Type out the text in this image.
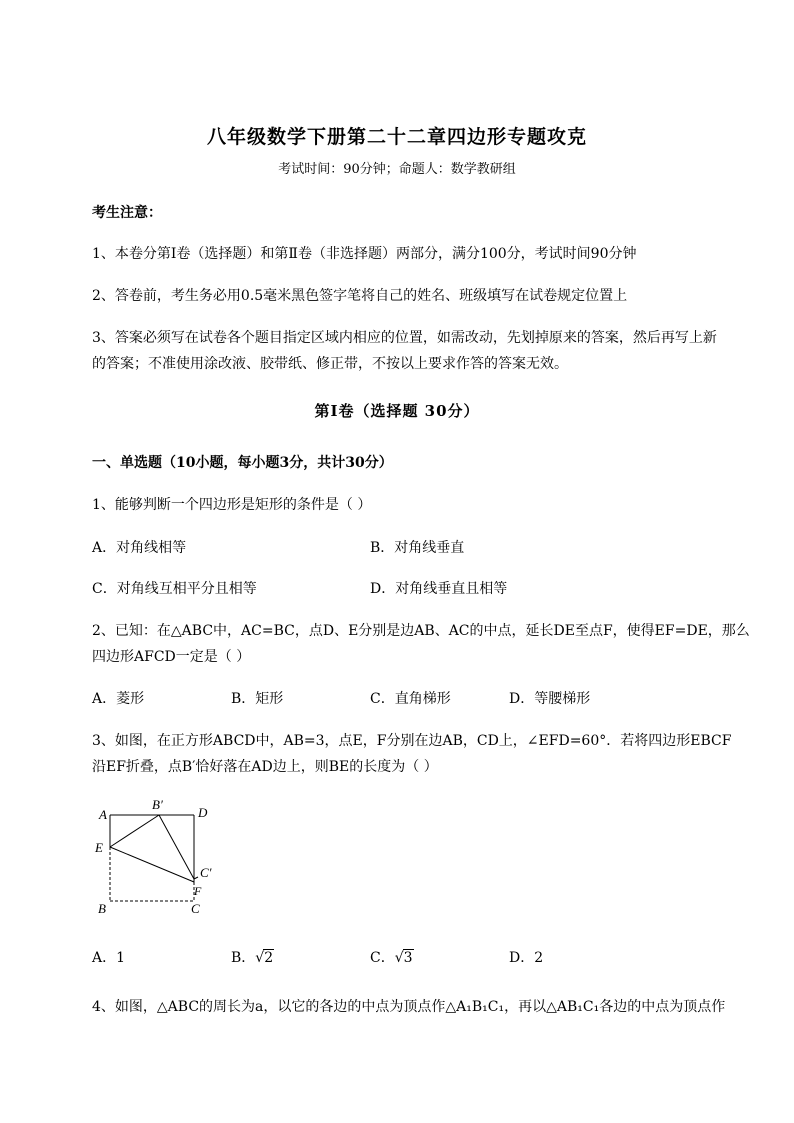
八年级数学下册第二十二章四边形专题攻克
考试时间：90分钟；命题人：数学教研组
考生注意：
1、本卷分第I卷（选择题）和第Ⅱ卷（非选择题）两部分，满分100分，考试时间90分钟
2、答卷前，考生务必用0.5毫米黑色签字笔将自己的姓名、班级填写在试卷规定位置上
3、答案必须写在试卷各个题目指定区域内相应的位置，如需改动，先划掉原来的答案，然后再写上新
的答案；不准使用涂改液、胶带纸、修正带，不按以上要求作答的答案无效。
第I卷（选择题 30分）
一、单选题（10小题，每小题3分，共计30分）
1、能够判断一个四边形是矩形的条件是（ ）
A．对角线相等	B．对角线垂直
C．对角线互相平分且相等	D．对角线垂直且相等
2、已知：在△ABC中，AC=BC，点D、E分别是边AB、AC的中点，延长DE至点F，使得EF=DE，那么
四边形AFCD一定是（ ）
A．菱形	B．矩形	C．直角梯形	D．等腰梯形
3、如图，在正方形ABCD中，AB=3，点E，F分别在边AB，CD上，∠EFD=60°．若将四边形EBCF
沿EF折叠，点B′恰好落在AD边上，则BE的长度为（ ）
A
B′
D
E
C′
F
B	C
A．1	B．√2	C．√3	D．2
4、如图，△ABC的周长为a，以它的各边的中点为顶点作△A₁B₁C₁，再以△AB₁C₁各边的中点为顶点作
